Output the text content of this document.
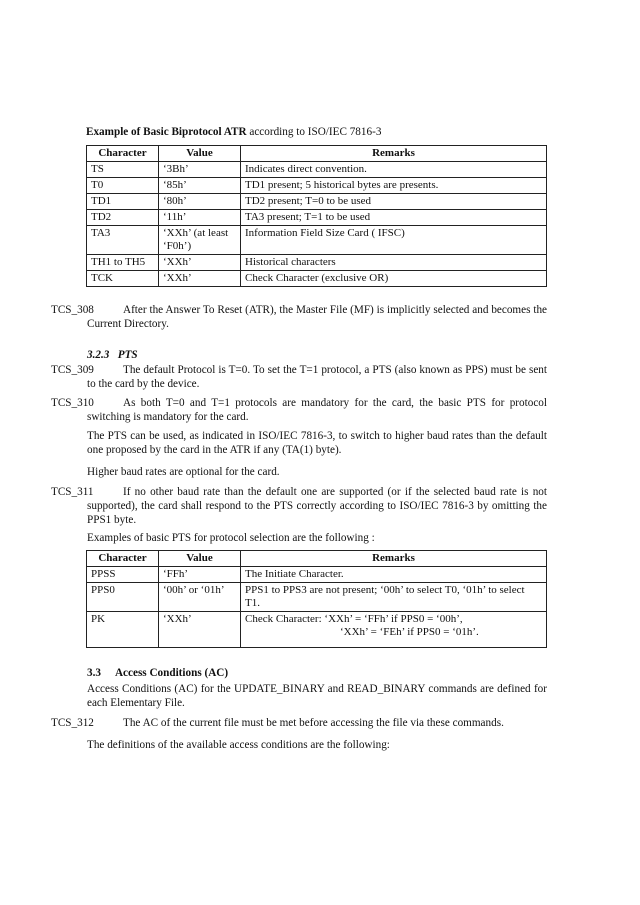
Example of Basic Biprotocol ATR according to ISO/IEC 7816-3
Character	Value	Remarks
TS	‘3Bh’	Indicates direct convention.
T0	‘85h’	TD1 present; 5 historical bytes are presents.
TD1	‘80h’	TD2 present; T=0 to be used
TD2	‘11h’	TA3 present; T=1 to be used
TA3	‘XXh’ (at least ‘F0h’)	Information Field Size Card ( IFSC)
TH1 to TH5	‘XXh’	Historical characters
TCK	‘XXh’	Check Character (exclusive OR)
TCS_308	After the Answer To Reset (ATR), the Master File (MF) is implicitly selected and becomes the Current Directory.
3.2.3 PTS
TCS_309	The default Protocol is T=0. To set the T=1 protocol, a PTS (also known as PPS) must be sent to the card by the device.
TCS_310	As both T=0 and T=1 protocols are mandatory for the card, the basic PTS for protocol switching is mandatory for the card.
The PTS can be used, as indicated in ISO/IEC 7816-3, to switch to higher baud rates than the default one proposed by the card in the ATR if any (TA(1) byte).
Higher baud rates are optional for the card.
TCS_311	If no other baud rate than the default one are supported (or if the selected baud rate is not supported), the card shall respond to the PTS correctly according to ISO/IEC 7816-3 by omitting the PPS1 byte.
Examples of basic PTS for protocol selection are the following :
Character	Value	Remarks
PPSS	‘FFh’	The Initiate Character.
PPS0	‘00h’ or ‘01h’	PPS1 to PPS3 are not present; ‘00h’ to select T0, ‘01h’ to select T1.
PK	‘XXh’	Check Character: ‘XXh’ = ‘FFh’ if PPS0 = ‘00h’,
‘XXh’ = ‘FEh’ if PPS0 = ‘01h’.
3.3 Access Conditions (AC)
Access Conditions (AC) for the UPDATE_BINARY and READ_BINARY commands are defined for each Elementary File.
TCS_312	The AC of the current file must be met before accessing the file via these commands.
The definitions of the available access conditions are the following:
